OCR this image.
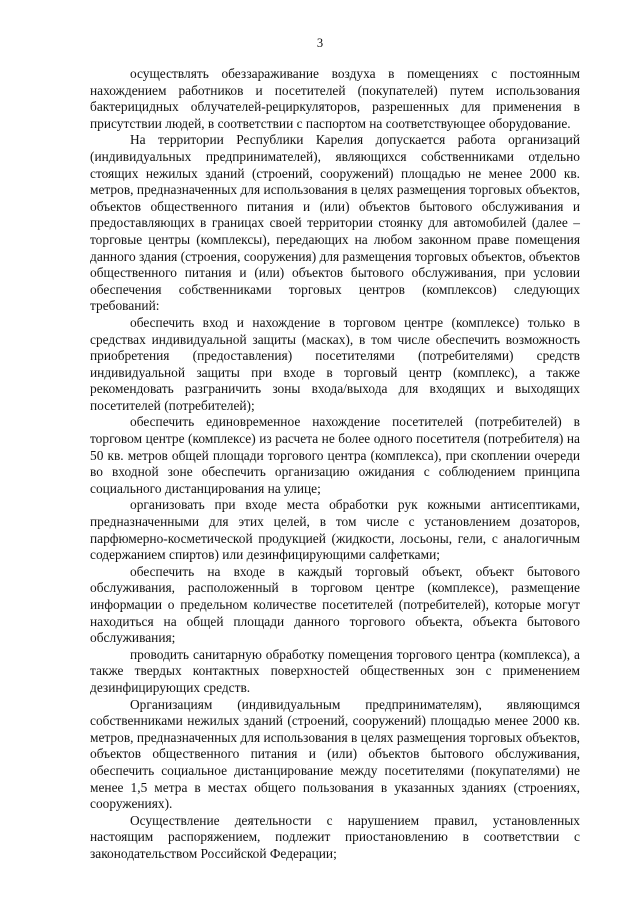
3

осуществлять обеззараживание воздуха в помещениях с постоянным нахождением работников и посетителей (покупателей) путем использования бактерицидных облучателей-рециркуляторов, разрешенных для применения в присутствии людей, в соответствии с паспортом на соответствующее оборудование.

На территории Республики Карелия допускается работа организаций (индивидуальных предпринимателей), являющихся собственниками отдельно стоящих нежилых зданий (строений, сооружений) площадью не менее 2000 кв. метров, предназначенных для использования в целях размещения торговых объектов, объектов общественного питания и (или) объектов бытового обслуживания и предоставляющих в границах своей территории стоянку для автомобилей (далее – торговые центры (комплексы), передающих на любом законном праве помещения данного здания (строения, сооружения) для размещения торговых объектов, объектов общественного питания и (или) объектов бытового обслуживания, при условии обеспечения собственниками торговых центров (комплексов) следующих требований:

обеспечить вход и нахождение в торговом центре (комплексе) только в средствах индивидуальной защиты (масках), в том числе обеспечить возможность приобретения (предоставления) посетителями (потребителями) средств индивидуальной защиты при входе в торговый центр (комплекс), а также рекомендовать разграничить зоны входа/выхода для входящих и выходящих посетителей (потребителей);

обеспечить единовременное нахождение посетителей (потребителей) в торговом центре (комплексе) из расчета не более одного посетителя (потребителя) на 50 кв. метров общей площади торгового центра (комплекса), при скоплении очереди во входной зоне обеспечить организацию ожидания с соблюдением принципа социального дистанцирования на улице;

организовать при входе места обработки рук кожными антисептиками, предназначенными для этих целей, в том числе с установлением дозаторов, парфюмерно-косметической продукцией (жидкости, лосьоны, гели, с аналогичным содержанием спиртов) или дезинфицирующими салфетками;

обеспечить на входе в каждый торговый объект, объект бытового обслуживания, расположенный в торговом центре (комплексе), размещение информации о предельном количестве посетителей (потребителей), которые могут находиться на общей площади данного торгового объекта, объекта бытового обслуживания;

проводить санитарную обработку помещения торгового центра (комплекса), а также твердых контактных поверхностей общественных зон с применением дезинфицирующих средств.

Организациям (индивидуальным предпринимателям), являющимся собственниками нежилых зданий (строений, сооружений) площадью менее 2000 кв. метров, предназначенных для использования в целях размещения торговых объектов, объектов общественного питания и (или) объектов бытового обслуживания, обеспечить социальное дистанцирование между посетителями (покупателями) не менее 1,5 метра в местах общего пользования в указанных зданиях (строениях, сооружениях).

Осуществление деятельности с нарушением правил, установленных настоящим распоряжением, подлежит приостановлению в соответствии с законодательством Российской Федерации;
